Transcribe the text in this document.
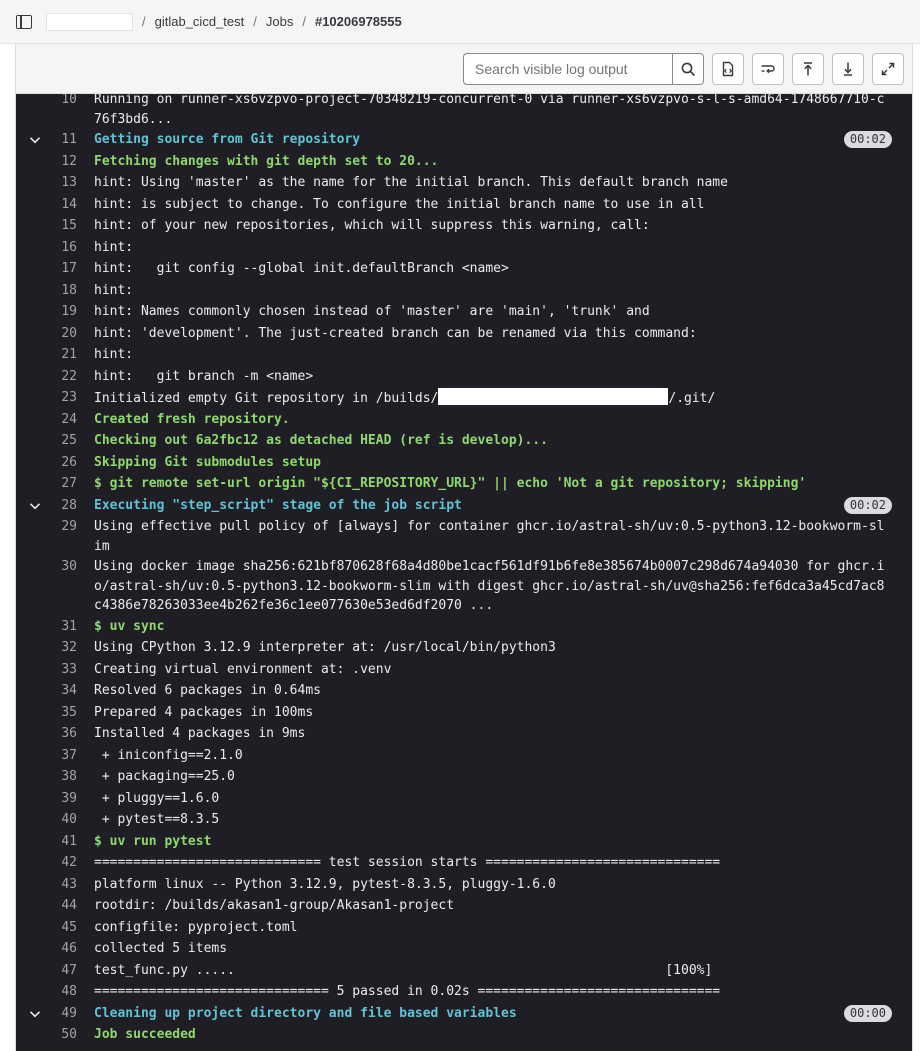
/ gitlab_cicd_test / Jobs / #10206978555
Search visible log output
10	Running on runner-xs6vzpvo-project-70348219-concurrent-0 via runner-xs6vzpvo-s-l-s-amd64-1748667710-c76f3bd6...
11	Getting source from Git repository	00:02
12	Fetching changes with git depth set to 20...
13	hint: Using 'master' as the name for the initial branch. This default branch name
14	hint: is subject to change. To configure the initial branch name to use in all
15	hint: of your new repositories, which will suppress this warning, call:
16	hint:
17	hint:   git config --global init.defaultBranch <name>
18	hint:
19	hint: Names commonly chosen instead of 'master' are 'main', 'trunk' and
20	hint: 'development'. The just-created branch can be renamed via this command:
21	hint:
22	hint:   git branch -m <name>
23	Initialized empty Git repository in /builds/	/.git/
24	Created fresh repository.
25	Checking out 6a2fbc12 as detached HEAD (ref is develop)...
26	Skipping Git submodules setup
27	$ git remote set-url origin "${CI_REPOSITORY_URL}" || echo 'Not a git repository; skipping'
28	Executing "step_script" stage of the job script	00:02
29	Using effective pull policy of [always] for container ghcr.io/astral-sh/uv:0.5-python3.12-bookworm-slim
30	Using docker image sha256:621bf870628f68a4d80be1cacf561df91b6fe8e385674b0007c298d674a94030 for ghcr.io/astral-sh/uv:0.5-python3.12-bookworm-slim with digest ghcr.io/astral-sh/uv@sha256:fef6dca3a45cd7ac8c4386e78263033ee4b262fe36c1ee077630e53ed6df2070 ...
31	$ uv sync
32	Using CPython 3.12.9 interpreter at: /usr/local/bin/python3
33	Creating virtual environment at: .venv
34	Resolved 6 packages in 0.64ms
35	Prepared 4 packages in 100ms
36	Installed 4 packages in 9ms
37	+ iniconfig==2.1.0
38	+ packaging==25.0
39	+ pluggy==1.6.0
40	+ pytest==8.3.5
41	$ uv run pytest
42	============================= test session starts ==============================
43	platform linux -- Python 3.12.9, pytest-8.3.5, pluggy-1.6.0
44	rootdir: /builds/akasan1-group/Akasan1-project
45	configfile: pyproject.toml
46	collected 5 items
47	test_func.py .....                                                       [100%]
48	============================== 5 passed in 0.02s ===============================
49	Cleaning up project directory and file based variables	00:00
50	Job succeeded
